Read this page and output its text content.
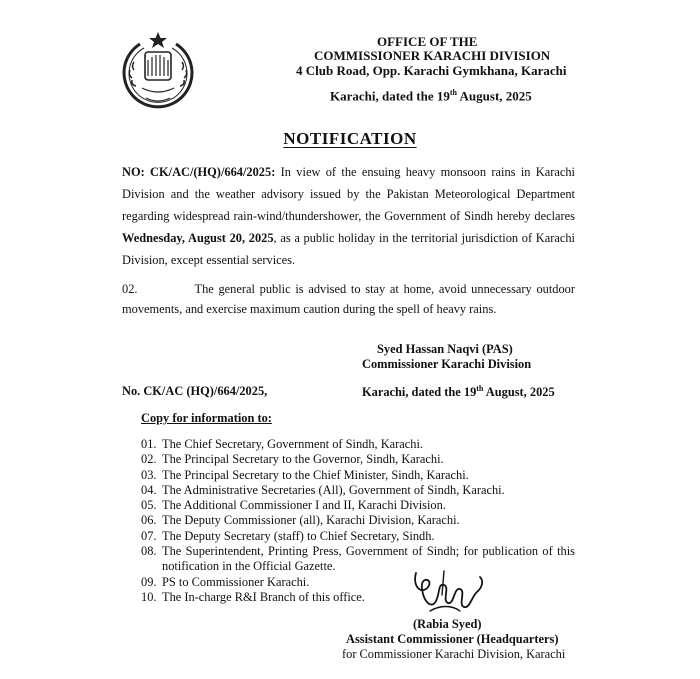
OFFICE OF THE
COMMISSIONER KARACHI DIVISION
4 Club Road, Opp. Karachi Gymkhana, Karachi
Karachi, dated the 19th August, 2025
NOTIFICATION
NO: CK/AC/(HQ)/664/2025: In view of the ensuing heavy monsoon rains in Karachi Division and the weather advisory issued by the Pakistan Meteorological Department regarding widespread rain-wind/thundershower, the Government of Sindh hereby declares Wednesday, August 20, 2025, as a public holiday in the territorial jurisdiction of Karachi Division, except essential services.
02.	The general public is advised to stay at home, avoid unnecessary outdoor movements, and exercise maximum caution during the spell of heavy rains.
Syed Hassan Naqvi (PAS)
Commissioner Karachi Division
No. CK/AC (HQ)/664/2025,	Karachi, dated the 19th August, 2025
Copy for information to:
01. The Chief Secretary, Government of Sindh, Karachi.
02. The Principal Secretary to the Governor, Sindh, Karachi.
03. The Principal Secretary to the Chief Minister, Sindh, Karachi.
04. The Administrative Secretaries (All), Government of Sindh, Karachi.
05. The Additional Commissioner I and II, Karachi Division.
06. The Deputy Commissioner (all), Karachi Division, Karachi.
07. The Deputy Secretary (staff) to Chief Secretary, Sindh.
08. The Superintendent, Printing Press, Government of Sindh; for publication of this notification in the Official Gazette.
09. PS to Commissioner Karachi.
10. The In-charge R&I Branch of this office.
(Rabia Syed)
Assistant Commissioner (Headquarters)
for Commissioner Karachi Division, Karachi
